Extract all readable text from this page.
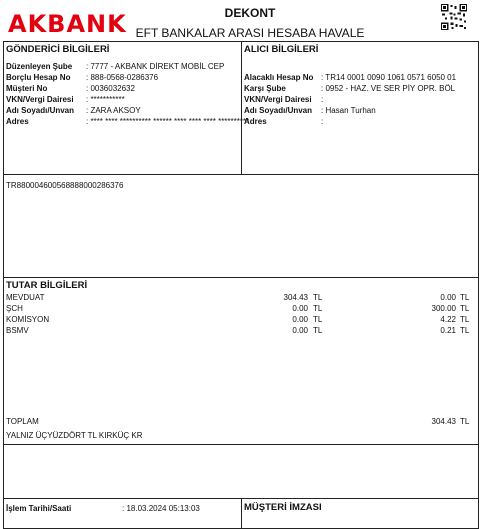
AKBANK	DEKONT
EFT BANKALAR ARASI HESABA HAVALE
GÖNDERİCİ BİLGİLERİ
Düzenleyen Şube : 7777 - AKBANK DİREKT MOBİL CEP
Borçlu Hesap No : 888-0568-0286376
Müşteri No	: 0036032632
VKN/Vergi Dairesi : ***********
Adı Soyadı/Unvan : ZARA AKSOY
Adres	: **** **** ********** ****** **** **** **** **********
ALICI BİLGİLERİ
Alacaklı Hesap No : TR14 0001 0090 1061 0571 6050 01
Karşı Şube	: 0952 - HAZ. VE SER PİY OPR. BÖL
VKN/Vergi Dairesi :
Adı Soyadı/Unvan : Hasan Turhan
Adres	:
TR880004600568888000286376
TUTAR BİLGİLERİ
MEVDUAT	304.43 TL	0.00 TL
ŞCH	0.00 TL	300.00 TL
KOMİSYON	0.00 TL	4.22 TL
BSMV	0.00 TL	0.21 TL
TOPLAM	304.43 TL
YALNIZ ÜÇYÜZDÖRT TL KIRKÜÇ KR
İşlem Tarihi/Saati	: 18.03.2024 05:13:03	MÜŞTERİ İMZASI
